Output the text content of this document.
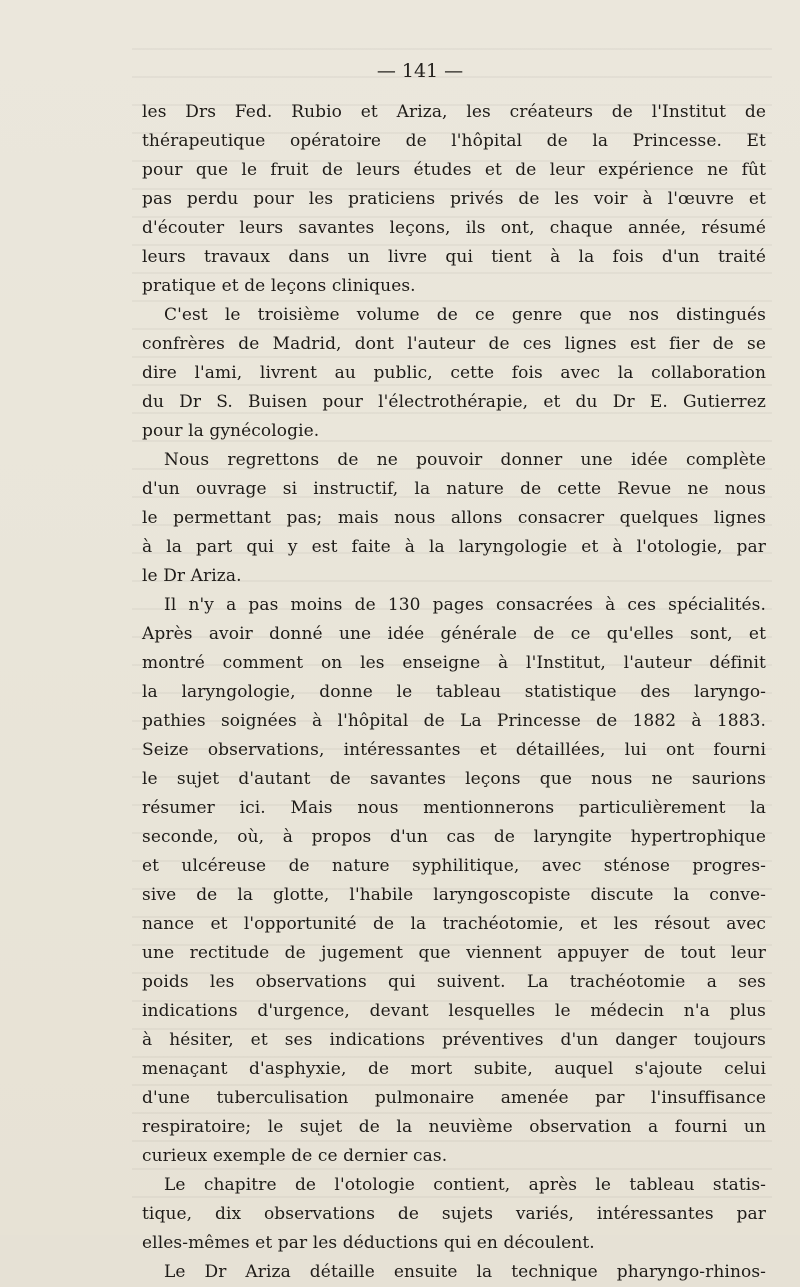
— 141 —
les Drs Fed. Rubio et Ariza, les créateurs de l'Institut de
thérapeutique opératoire de l'hôpital de la Princesse. Et
pour que le fruit de leurs études et de leur expérience ne fût
pas perdu pour les praticiens privés de les voir à l'œuvre et
d'écouter leurs savantes leçons, ils ont, chaque année, résumé
leurs travaux dans un livre qui tient à la fois d'un traité
pratique et de leçons cliniques.
C'est le troisième volume de ce genre que nos distingués
confrères de Madrid, dont l'auteur de ces lignes est fier de se
dire l'ami, livrent au public, cette fois avec la collaboration
du Dr S. Buisen pour l'électrothérapie, et du Dr E. Gutierrez
pour la gynécologie.
Nous regrettons de ne pouvoir donner une idée complète
d'un ouvrage si instructif, la nature de cette Revue ne nous
le permettant pas; mais nous allons consacrer quelques lignes
à la part qui y est faite à la laryngologie et à l'otologie, par
le Dr Ariza.
Il n'y a pas moins de 130 pages consacrées à ces spécialités.
Après avoir donné une idée générale de ce qu'elles sont, et
montré comment on les enseigne à l'Institut, l'auteur définit
la laryngologie, donne le tableau statistique des laryngo-
pathies soignées à l'hôpital de La Princesse de 1882 à 1883.
Seize observations, intéressantes et détaillées, lui ont fourni
le sujet d'autant de savantes leçons que nous ne saurions
résumer ici. Mais nous mentionnerons particulièrement la
seconde, où, à propos d'un cas de laryngite hypertrophique
et ulcéreuse de nature syphilitique, avec sténose progres-
sive de la glotte, l'habile laryngoscopiste discute la conve-
nance et l'opportunité de la trachéotomie, et les résout avec
une rectitude de jugement que viennent appuyer de tout leur
poids les observations qui suivent. La trachéotomie a ses
indications d'urgence, devant lesquelles le médecin n'a plus
à hésiter, et ses indications préventives d'un danger toujours
menaçant d'asphyxie, de mort subite, auquel s'ajoute celui
d'une tuberculisation pulmonaire amenée par l'insuffisance
respiratoire; le sujet de la neuvième observation a fourni un
curieux exemple de ce dernier cas.
Le chapitre de l'otologie contient, après le tableau statis-
tique, dix observations de sujets variés, intéressantes par
elles-mêmes et par les déductions qui en découlent.
Le Dr Ariza détaille ensuite la technique pharyngo-rhinos-
